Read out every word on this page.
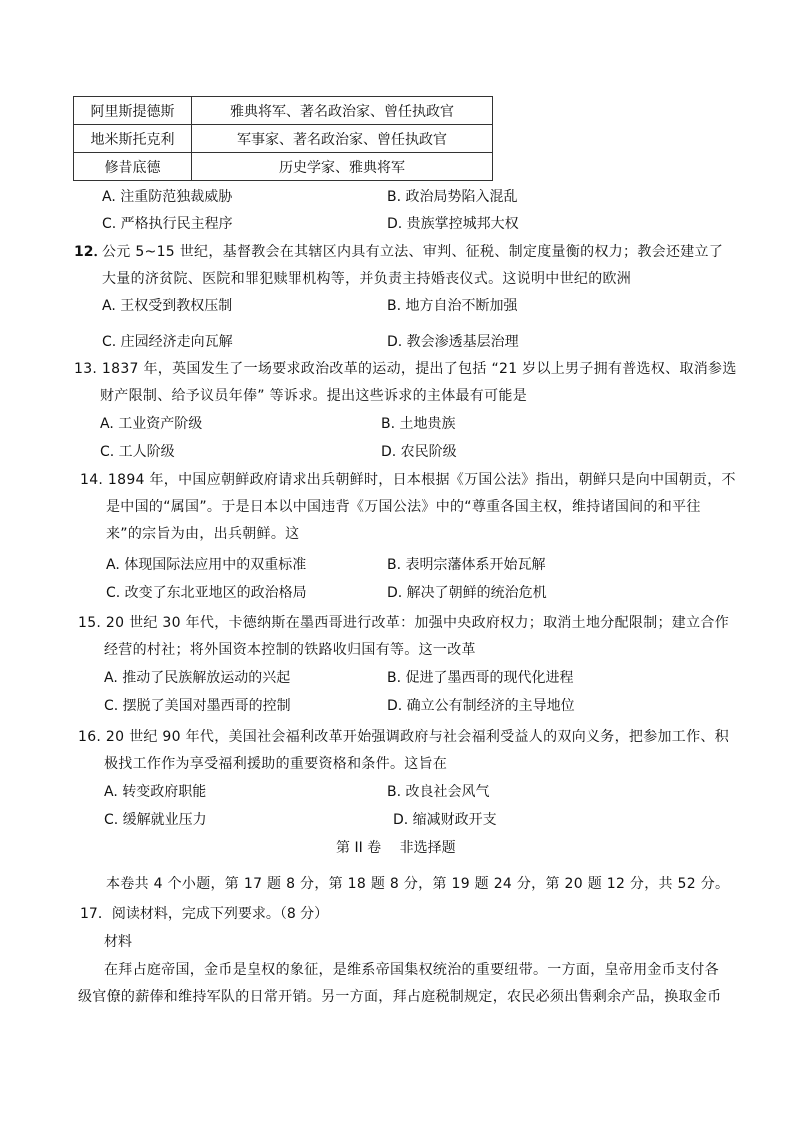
阿里斯提德斯	雅典将军、著名政治家、曾任执政官
地米斯托克利	军事家、著名政治家、曾任执政官
修昔底德	历史学家、雅典将军
A. 注重防范独裁威胁	B. 政治局势陷入混乱
C. 严格执行民主程序	D. 贵族掌控城邦大权
12．
公元 5~15 世纪，基督教会在其辖区内具有立法、审判、征税、制定度量衡的权力；教会还建立了
大量的济贫院、医院和罪犯赎罪机构等，并负责主持婚丧仪式。这说明中世纪的欧洲
A. 王权受到教权压制	B. 地方自治不断加强
C. 庄园经济走向瓦解	D. 教会渗透基层治理
13. 1837 年，英国发生了一场要求政治改革的运动，提出了包括 “21 岁以上男子拥有普选权、取消参选
财产限制、给予议员年俸” 等诉求。提出这些诉求的主体最有可能是
A. 工业资产阶级	B. 土地贵族
C. 工人阶级	D. 农民阶级
14. 1894 年，中国应朝鲜政府请求出兵朝鲜时，日本根据《万国公法》指出，朝鲜只是向中国朝贡，不
是中国的“属国”。于是日本以中国违背《万国公法》中的“尊重各国主权，维持诸国间的和平往
来”的宗旨为由，出兵朝鲜。这
A. 体现国际法应用中的双重标准	B. 表明宗藩体系开始瓦解
C. 改变了东北亚地区的政治格局	D. 解决了朝鲜的统治危机
15. 20 世纪 30 年代，卡德纳斯在墨西哥进行改革：加强中央政府权力；取消土地分配限制；建立合作
经营的村社；将外国资本控制的铁路收归国有等。这一改革
A. 推动了民族解放运动的兴起	B. 促进了墨西哥的现代化进程
C. 摆脱了美国对墨西哥的控制	D. 确立公有制经济的主导地位
16. 20 世纪 90 年代，美国社会福利改革开始强调政府与社会福利受益人的双向义务，把参加工作、积
极找工作作为享受福利援助的重要资格和条件。这旨在
A. 转变政府职能	B. 改良社会风气
C. 缓解就业压力	D. 缩减财政开支
第 II 卷　 非选择题
本卷共 4 个小题，第 17 题 8 分，第 18 题 8 分，第 19 题 24 分，第 20 题 12 分，共 52 分。
17．阅读材料，完成下列要求。（8 分）
材料
在拜占庭帝国，金币是皇权的象征，是维系帝国集权统治的重要纽带。一方面，皇帝用金币支付各
级官僚的薪俸和维持军队的日常开销。另一方面，拜占庭税制规定，农民必须出售剩余产品，换取金币
